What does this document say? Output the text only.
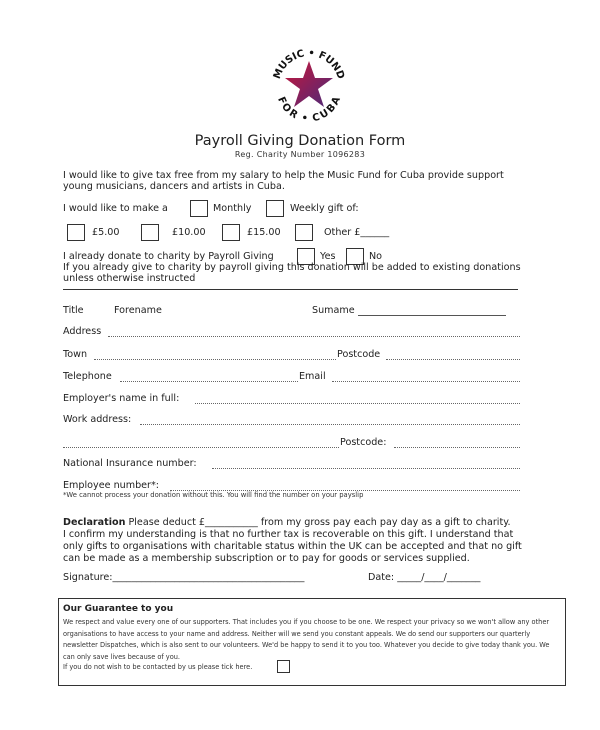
MUSIC • FUND
FOR • CUBA
Payroll Giving Donation Form
Reg. Charity Number 1096283
I would like to give tax free from my salary to help the Music Fund for Cuba provide support
young musicians, dancers and artists in Cuba.
I would like to make a	Monthly	Weekly gift of:
£5.00	£10.00	£15.00	Other £______
I already donate to charity by Payroll Giving	Yes	No
If you already give to charity by payroll giving this donation will be added to existing donations
unless otherwise instructed
Title	Forename	Sumame
Address
Town	Postcode
Telephone	Email
Employer's name in full:
Work address:
Postcode:
National Insurance number:
Employee number*:
*We cannot process your donation without this. You will find the number on your payslip
Declaration Please deduct £___________ from my gross pay each pay day as a gift to charity.
I confirm my understanding is that no further tax is recoverable on this gift. I understand that
only gifts to organisations with charitable status within the UK can be accepted and that no gift
can be made as a membership subscription or to pay for goods or services supplied.
Signature:________________________________________	Date: _____/____/_______
Our Guarantee to you
We respect and value every one of our supporters. That includes you if you choose to be one. We respect your privacy so we won't allow any other organisations to have access to your name and address. Neither will we send you constant appeals. We do send our supporters our quarterly newsletter Dispatches, which is also sent to our volunteers. We'd be happy to send it to you too. Whatever you decide to give today thank you. We can only save lives because of you.
If you do not wish to be contacted by us please tick here.
